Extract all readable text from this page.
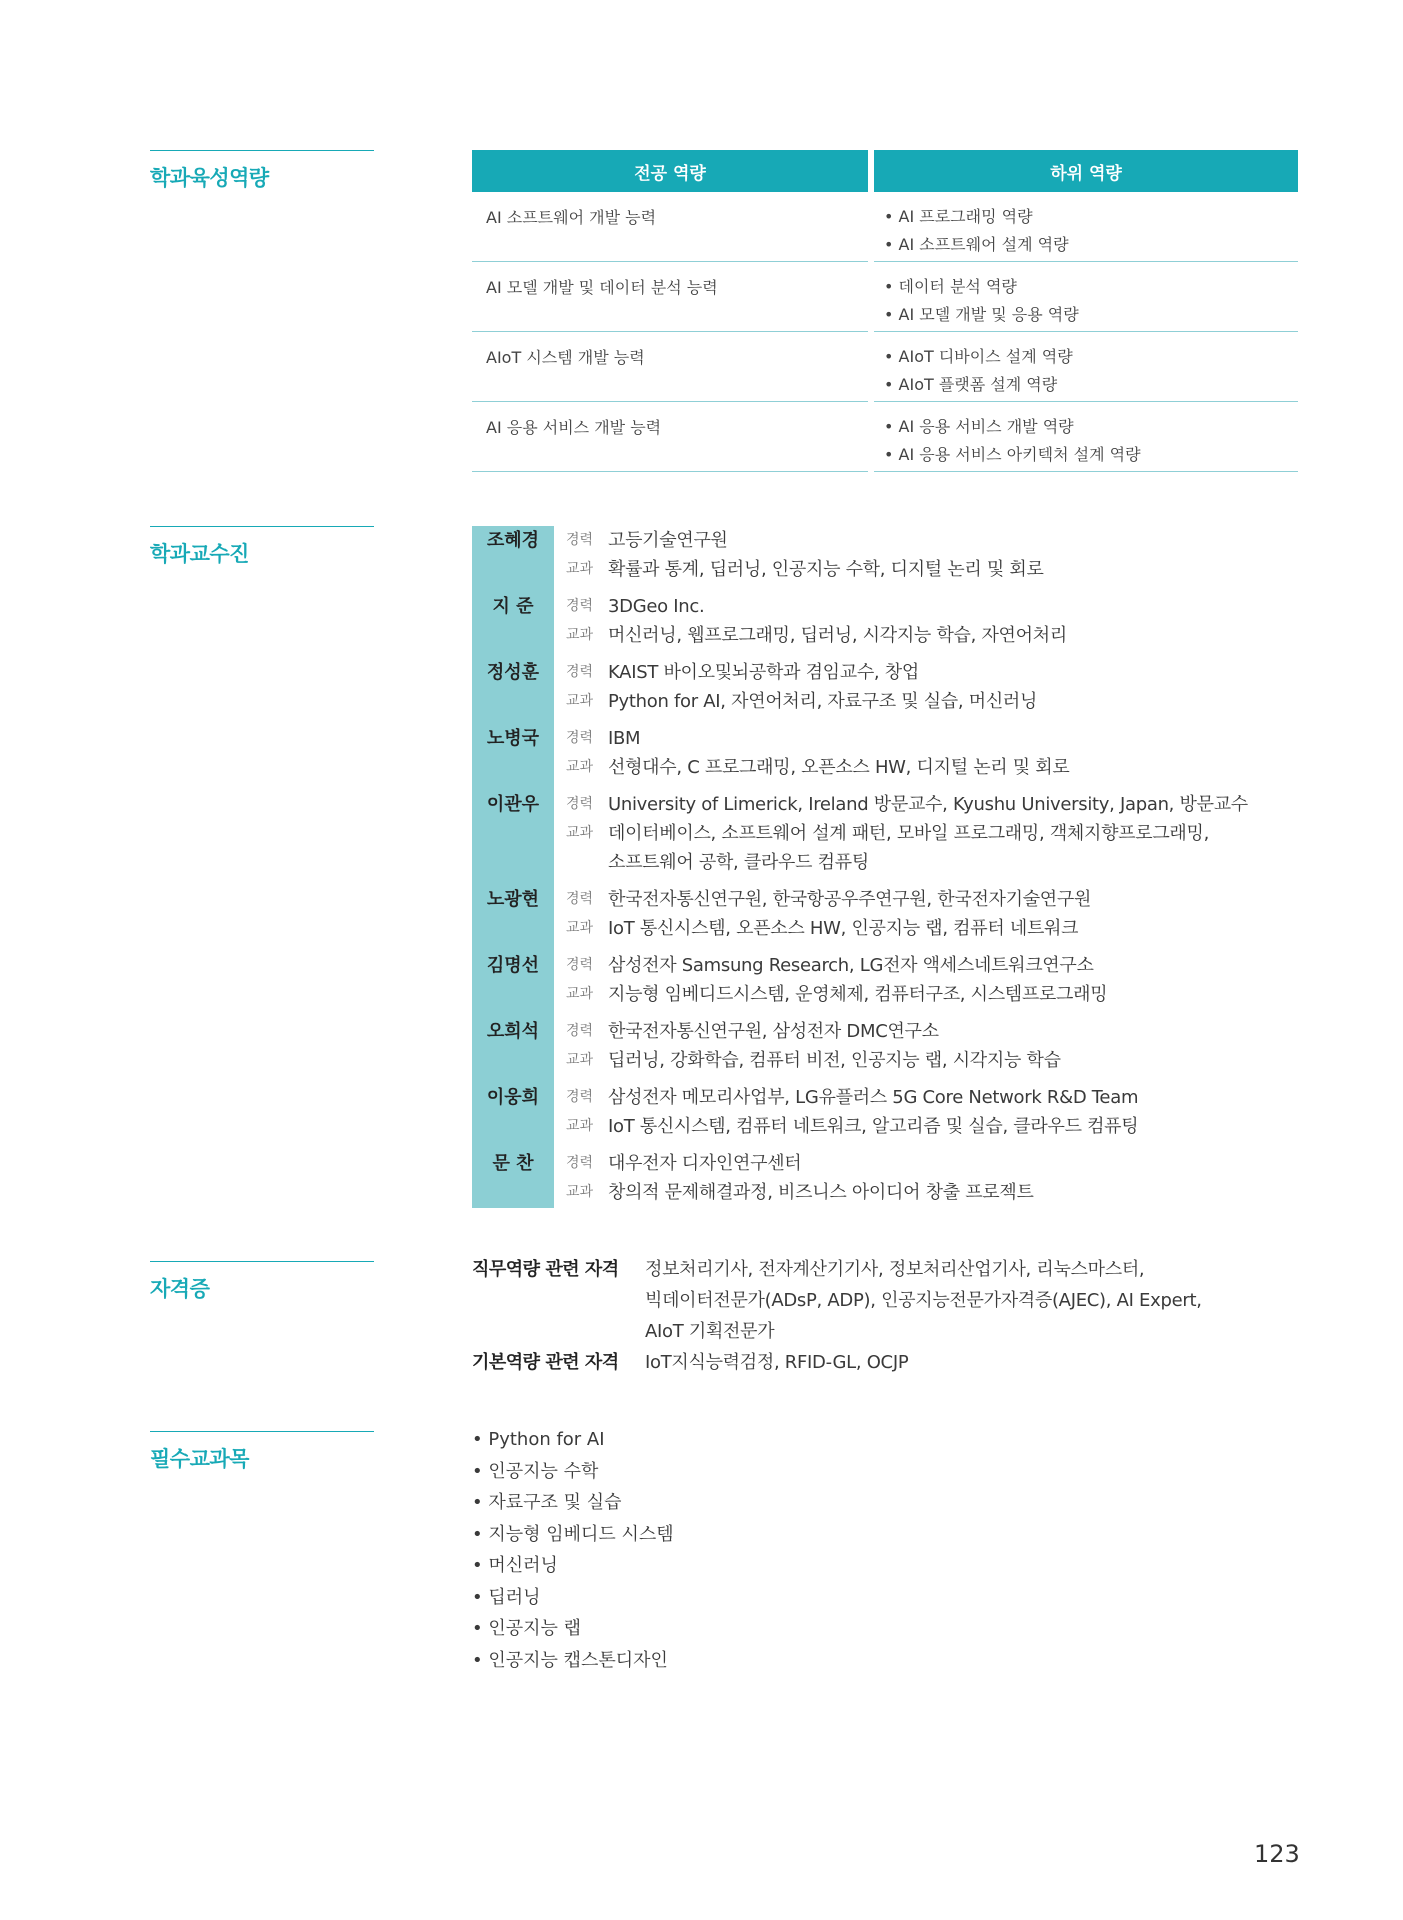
학과육성역량	전공 역량	하위 역량
AI 소프트웨어 개발 능력	• AI 프로그래밍 역량
• AI 소프트웨어 설계 역량
AI 모델 개발 및 데이터 분석 능력	• 데이터 분석 역량
• AI 모델 개발 및 응용 역량
AIoT 시스템 개발 능력	• AIoT 디바이스 설계 역량
• AIoT 플랫폼 설계 역량
AI 응용 서비스 개발 능력	• AI 응용 서비스 개발 역량
• AI 응용 서비스 아키텍처 설계 역량
학과교수진
조혜경	경력 고등기술연구원
교과 확률과 통계, 딥러닝, 인공지능 수학, 디지털 논리 및 회로
지 준	경력 3DGeo Inc.
교과 머신러닝, 웹프로그래밍, 딥러닝, 시각지능 학습, 자연어처리
정성훈	경력 KAIST 바이오및뇌공학과 겸임교수, 창업
교과 Python for AI, 자연어처리, 자료구조 및 실습, 머신러닝
노병국	경력 IBM
교과 선형대수, C 프로그래밍, 오픈소스 HW, 디지털 논리 및 회로
이관우	경력 University of Limerick, Ireland 방문교수, Kyushu University, Japan, 방문교수
교과 데이터베이스, 소프트웨어 설계 패턴, 모바일 프로그래밍, 객체지향프로그래밍,
소프트웨어 공학, 클라우드 컴퓨팅
노광현	경력 한국전자통신연구원, 한국항공우주연구원, 한국전자기술연구원
교과 IoT 통신시스템, 오픈소스 HW, 인공지능 랩, 컴퓨터 네트워크
김명선	경력 삼성전자 Samsung Research, LG전자 액세스네트워크연구소
교과 지능형 임베디드시스템, 운영체제, 컴퓨터구조, 시스템프로그래밍
오희석	경력 한국전자통신연구원, 삼성전자 DMC연구소
교과 딥러닝, 강화학습, 컴퓨터 비전, 인공지능 랩, 시각지능 학습
이웅희	경력 삼성전자 메모리사업부, LG유플러스 5G Core Network R&D Team
교과 IoT 통신시스템, 컴퓨터 네트워크, 알고리즘 및 실습, 클라우드 컴퓨팅
문 찬	경력 대우전자 디자인연구센터
교과 창의적 문제해결과정, 비즈니스 아이디어 창출 프로젝트
자격증
직무역량 관련 자격	정보처리기사, 전자계산기기사, 정보처리산업기사, 리눅스마스터,
빅데이터전문가(ADsP, ADP), 인공지능전문가자격증(AJEC), AI Expert,
AIoT 기획전문가
기본역량 관련 자격	IoT지식능력검정, RFID-GL, OCJP
필수교과목
• Python for AI
• 인공지능 수학
• 자료구조 및 실습
• 지능형 임베디드 시스템
• 머신러닝
• 딥러닝
• 인공지능 랩
• 인공지능 캡스톤디자인
123
